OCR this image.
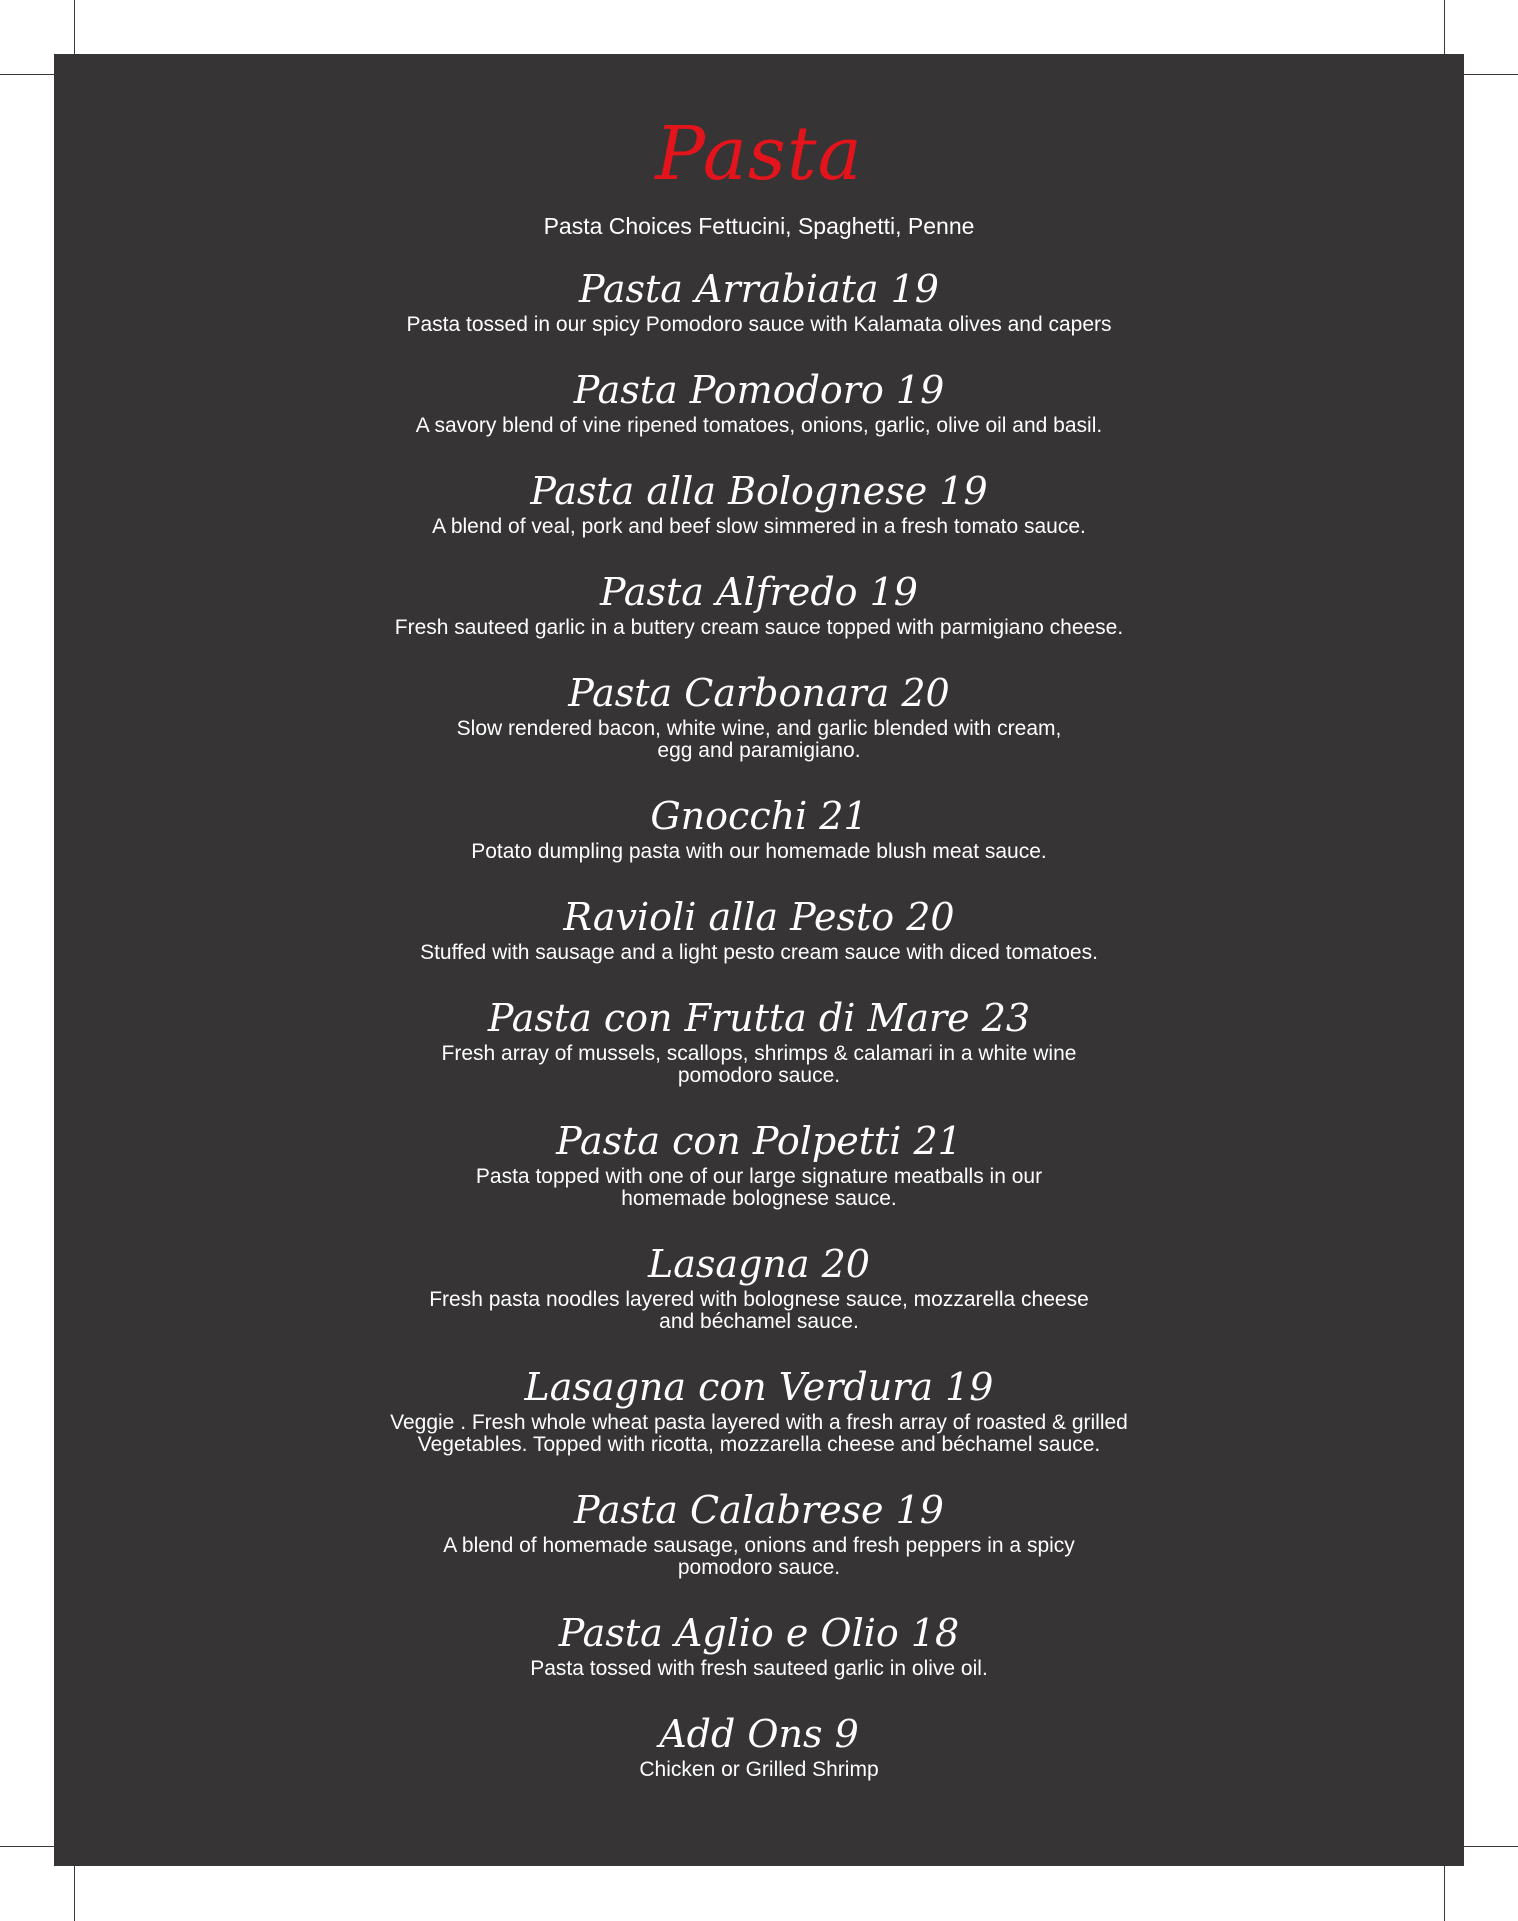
Pasta
Pasta Choices Fettucini, Spaghetti, Penne
Pasta Arrabiata 19
Pasta tossed in our spicy Pomodoro sauce with Kalamata olives and capers
Pasta Pomodoro 19
A savory blend of vine ripened tomatoes, onions, garlic, olive oil and basil.
Pasta alla Bolognese 19
A blend of veal, pork and beef slow simmered in a fresh tomato sauce.
Pasta Alfredo 19
Fresh sauteed garlic in a buttery cream sauce topped with parmigiano cheese.
Pasta Carbonara 20
Slow rendered bacon, white wine, and garlic blended with cream,
egg and paramigiano.
Gnocchi 21
Potato dumpling pasta with our homemade blush meat sauce.
Ravioli alla Pesto 20
Stuffed with sausage and a light pesto cream sauce with diced tomatoes.
Pasta con Frutta di Mare 23
Fresh array of mussels, scallops, shrimps & calamari in a white wine
pomodoro sauce.
Pasta con Polpetti 21
Pasta topped with one of our large signature meatballs in our
homemade bolognese sauce.
Lasagna 20
Fresh pasta noodles layered with bolognese sauce, mozzarella cheese
and béchamel sauce.
Lasagna con Verdura 19
Veggie . Fresh whole wheat pasta layered with a fresh array of roasted & grilled
Vegetables. Topped with ricotta, mozzarella cheese and béchamel sauce.
Pasta Calabrese 19
A blend of homemade sausage, onions and fresh peppers in a spicy
pomodoro sauce.
Pasta Aglio e Olio 18
Pasta tossed with fresh sauteed garlic in olive oil.
Add Ons 9
Chicken or Grilled Shrimp
